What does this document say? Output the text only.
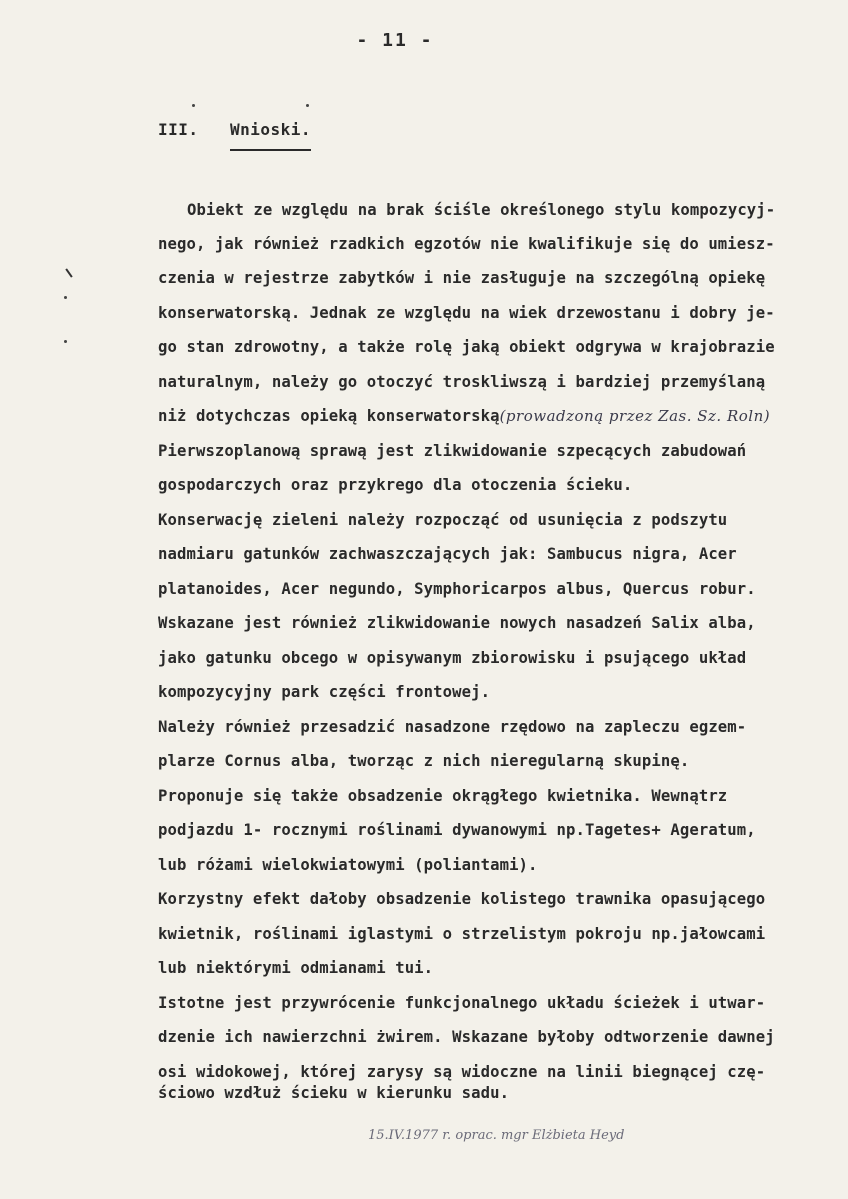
- 11 -
III. Wnioski.
Obiekt ze względu na brak ściśle określonego stylu kompozycyj-
nego, jak również rzadkich egzotów nie kwalifikuje się do umiesz-
czenia w rejestrze zabytków i nie zasługuje na szczególną opiekę
konserwatorską. Jednak ze względu na wiek drzewostanu i dobry je-
go stan zdrowotny, a także rolę jaką obiekt odgrywa w krajobrazie
naturalnym, należy go otoczyć troskliwszą i bardziej przemyślaną
niż dotychczas opieką konserwatorską(prowadzoną przez Zas. Sz. Roln)
Pierwszoplanową sprawą jest zlikwidowanie szpecących zabudowań
gospodarczych oraz przykrego dla otoczenia ścieku.
Konserwację zieleni należy rozpocząć od usunięcia z podszytu
nadmiaru gatunków zachwaszczających jak: Sambucus nigra, Acer
platanoides, Acer negundo, Symphoricarpos albus, Quercus robur.
Wskazane jest również zlikwidowanie nowych nasadzeń Salix alba,
jako gatunku obcego w opisywanym zbiorowisku i psującego układ
kompozycyjny park części frontowej.
Należy również przesadzić nasadzone rzędowo na zapleczu egzem-
plarze Cornus alba, tworząc z nich nieregularną skupinę.
Proponuje się także obsadzenie okrągłego kwietnika. Wewnątrz
podjazdu 1- rocznymi roślinami dywanowymi np.Tagetes+ Ageratum,
lub różami wielokwiatowymi (poliantami).
Korzystny efekt dałoby obsadzenie kolistego trawnika opasującego
kwietnik, roślinami iglastymi o strzelistym pokroju np.jałowcami
lub niektórymi odmianami tui.
Istotne jest przywrócenie funkcjonalnego układu ścieżek i utwar-
dzenie ich nawierzchni żwirem. Wskazane byłoby odtworzenie dawnej
osi widokowej, której zarysy są widoczne na linii biegnącej czę-
ściowo wzdłuż ścieku w kierunku sadu.
15.IV.1977 r. oprac. mgr Elżbieta Heyd
